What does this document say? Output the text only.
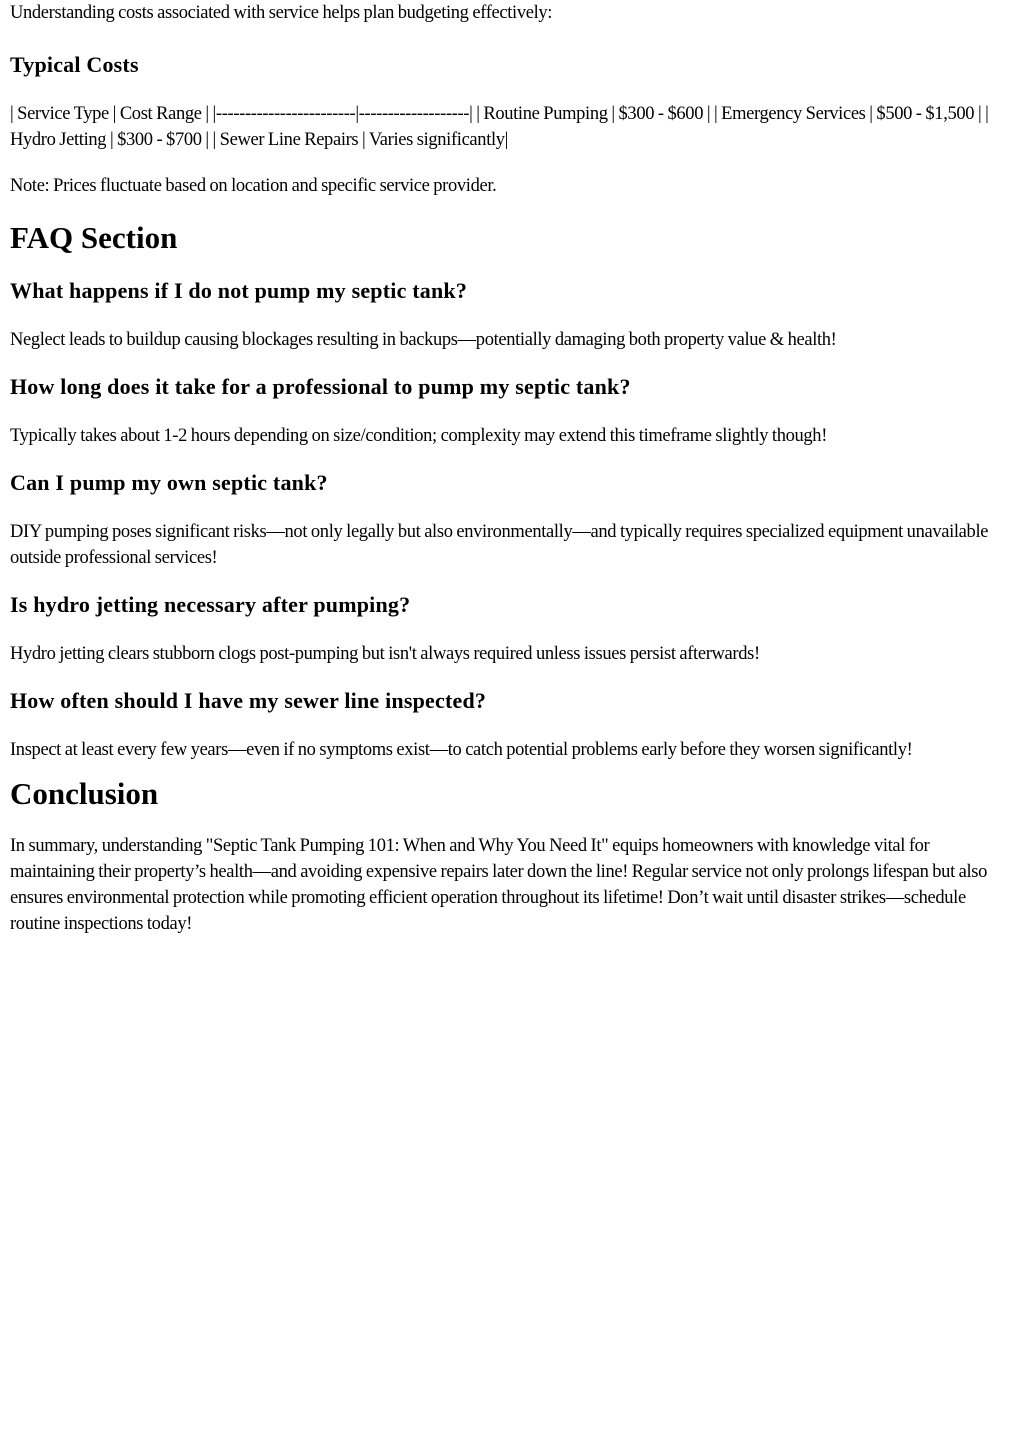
Understanding costs associated with service helps plan budgeting effectively:

Typical Costs

| Service Type | Cost Range | |------------------------|-------------------| | Routine Pumping | $300 - $600 | | Emergency Services | $500 - $1,500 | | Hydro Jetting | $300 - $700 | | Sewer Line Repairs | Varies significantly|

Note: Prices fluctuate based on location and specific service provider.

FAQ Section
What happens if I do not pump my septic tank?

Neglect leads to buildup causing blockages resulting in backups—potentially damaging both property value & health!

How long does it take for a professional to pump my septic tank?

Typically takes about 1-2 hours depending on size/condition; complexity may extend this timeframe slightly though!

Can I pump my own septic tank?

DIY pumping poses significant risks—not only legally but also environmentally—and typically requires specialized equipment unavailable outside professional services!

Is hydro jetting necessary after pumping?

Hydro jetting clears stubborn clogs post-pumping but isn't always required unless issues persist afterwards!

How often should I have my sewer line inspected?

Inspect at least every few years—even if no symptoms exist—to catch potential problems early before they worsen significantly!

Conclusion

In summary, understanding "Septic Tank Pumping 101: When and Why You Need It" equips homeowners with knowledge vital for maintaining their property’s health—and avoiding expensive repairs later down the line! Regular service not only prolongs lifespan but also ensures environmental protection while promoting efficient operation throughout its lifetime! Don’t wait until disaster strikes—schedule routine inspections today!
